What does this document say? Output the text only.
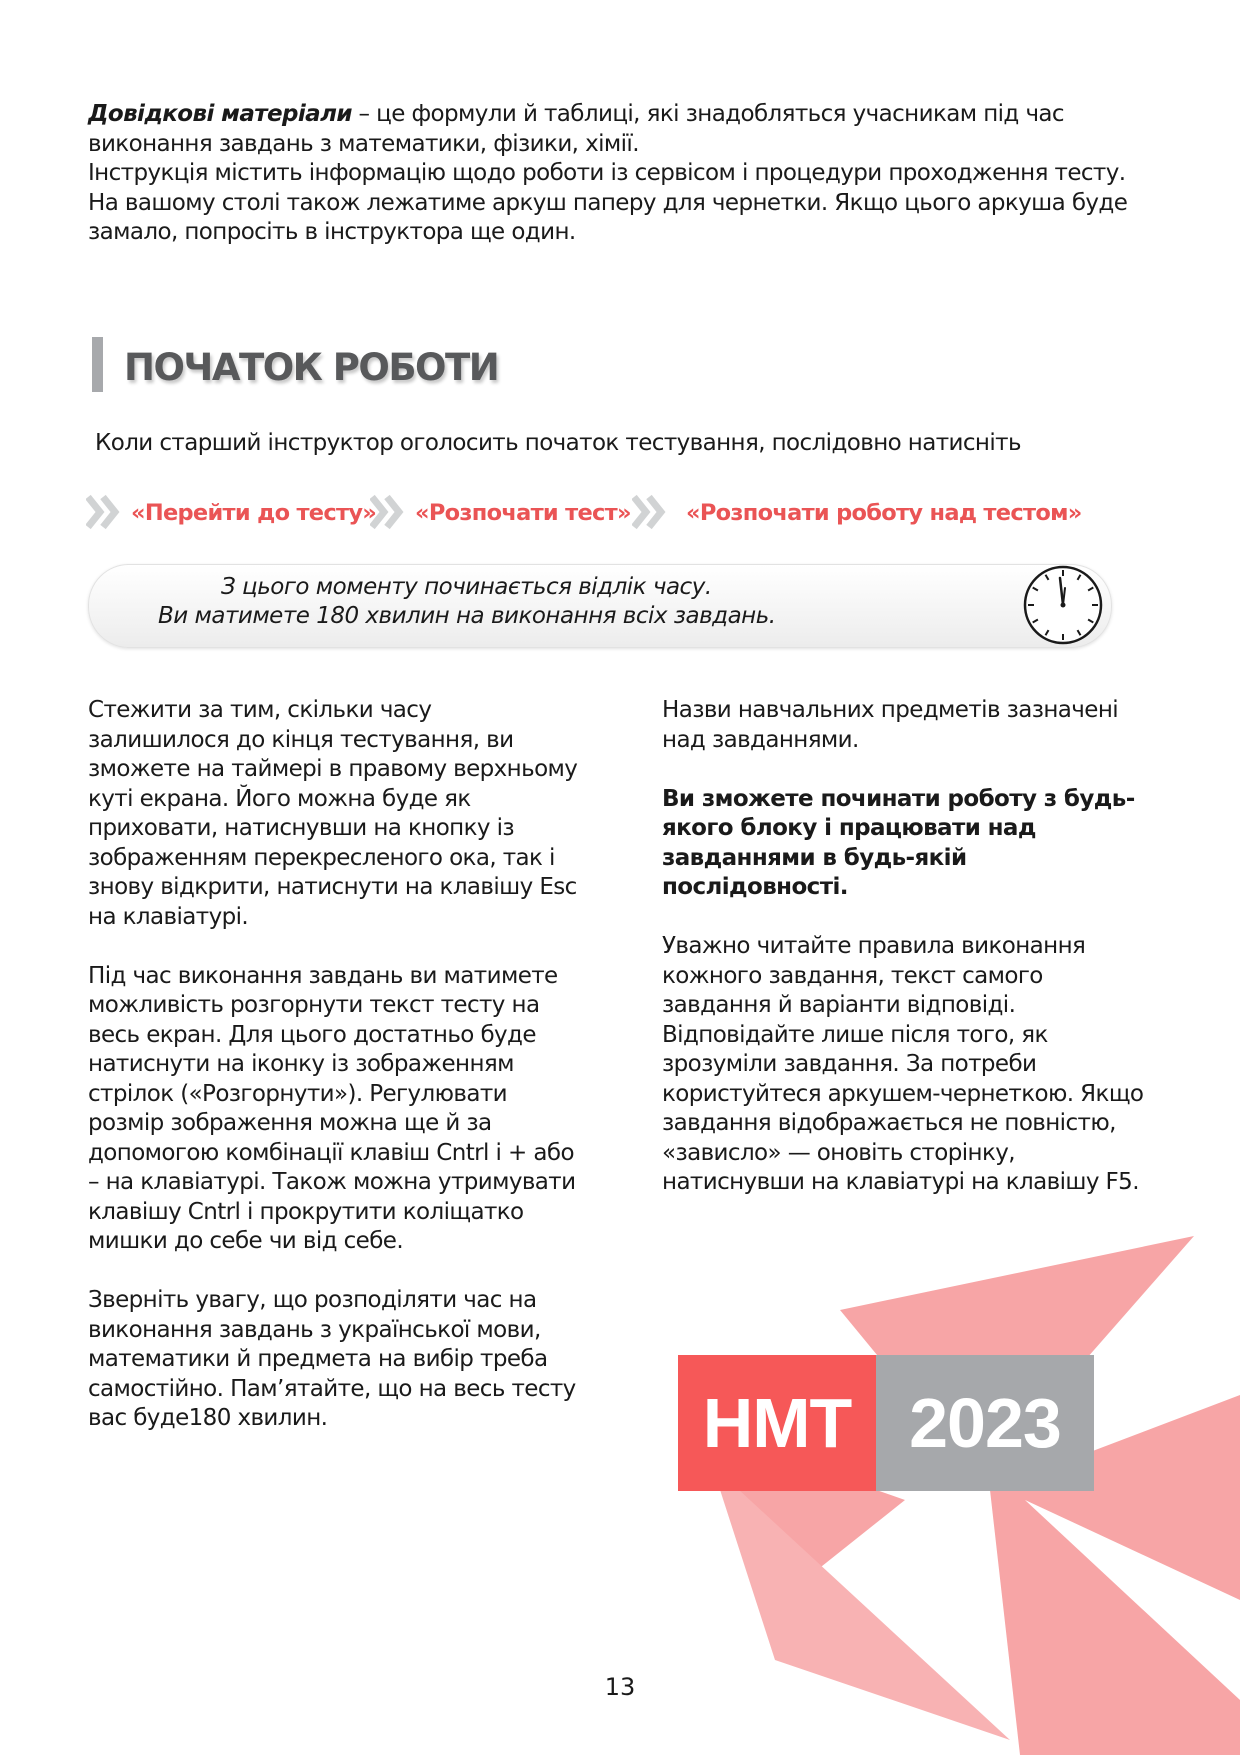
Довідкові матеріали – це формули й таблиці, які знадобляться учасникам під час виконання завдань з математики, фізики, хімії.

Інструкція містить інформацію щодо роботи із сервісом і процедури проходження тесту.

На вашому столі також лежатиме аркуш паперу для чернетки. Якщо цього аркуша буде замало, попросіть в інструктора ще один.

ПОЧАТОК РОБОТИ
Коли старший інструктор оголосить початок тестування, послідовно натисніть
«Перейти до тесту» «Розпочати тест» «Розпочати роботу над тестом»
З цього моменту починається відлік часу.
Ви матимете 180 хвилин на виконання всіх завдань.

Стежити за тим, скільки часу залишилося до кінця тестування, ви зможете на таймері в правому верхньому куті екрана. Його можна буде як приховати, натиснувши на кнопку із зображенням перекресленого ока, так і знову відкрити, натиснути на клавішу Esc на клавіатурі.

Під час виконання завдань ви матимете можливість розгорнути текст тесту на весь екран. Для цього достатньо буде натиснути на іконку із зображенням стрілок («Розгорнути»). Регулювати розмір зображення можна ще й за допомогою комбінації клавіш Cntrl і + або – на клавіатурі. Також можна утримувати клавішу Cntrl і прокрутити коліщатко мишки до себе чи від себе.

Зверніть увагу, що розподіляти час на виконання завдань з української мови, математики й предмета на вибір треба самостійно. Пам’ятайте, що на весь тесту вас буде180 хвилин.

Назви навчальних предметів зазначені над завданнями.

Ви зможете починати роботу з будь-якого блоку і працювати над завданнями в будь-якій послідовності.

Уважно читайте правила виконання кожного завдання, текст самого завдання й варіанти відповіді. Відповідайте лише після того, як зрозуміли завдання. За потреби користуйтеся аркушем-чернеткою. Якщо завдання відображається не повністю, «зависло» — оновіть сторінку, натиснувши на клавіатурі на клавішу F5.

НМТ 2023
13
